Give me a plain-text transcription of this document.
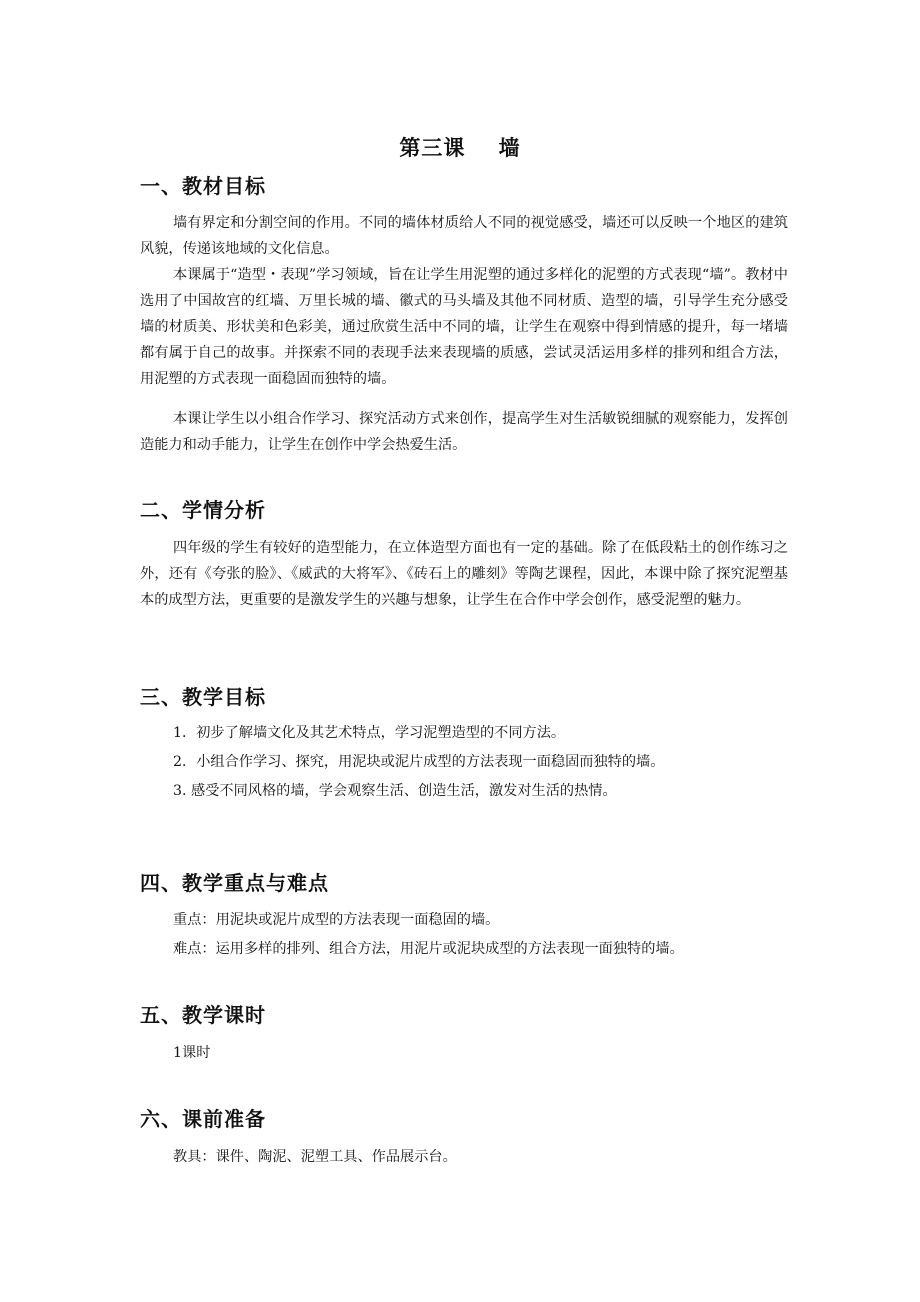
第三课    墙
一、教材目标

墙有界定和分割空间的作用。不同的墙体材质给人不同的视觉感受，墙还可以反映一个地区的建筑风貌，传递该地域的文化信息。

本课属于“造型・表现”学习领域，旨在让学生用泥塑的通过多样化的泥塑的方式表现“墙”。教材中选用了中国故宫的红墙、万里长城的墙、徽式的马头墙及其他不同材质、造型的墙，引导学生充分感受墙的材质美、形状美和色彩美，通过欣赏生活中不同的墙，让学生在观察中得到情感的提升，每一堵墙都有属于自己的故事。并探索不同的表现手法来表现墙的质感，尝试灵活运用多样的排列和组合方法，用泥塑的方式表现一面稳固而独特的墙。

本课让学生以小组合作学习、探究活动方式来创作，提高学生对生活敏锐细腻的观察能力，发挥创造能力和动手能力，让学生在创作中学会热爱生活。

二、学情分析

四年级的学生有较好的造型能力，在立体造型方面也有一定的基础。除了在低段粘土的创作练习之外，还有《夸张的脸》、《威武的大将军》、《砖石上的雕刻》等陶艺课程，因此，本课中除了探究泥塑基本的成型方法，更重要的是激发学生的兴趣与想象，让学生在合作中学会创作，感受泥塑的魅力。

三、教学目标

1．初步了解墙文化及其艺术特点，学习泥塑造型的不同方法。

2．小组合作学习、探究，用泥块或泥片成型的方法表现一面稳固而独特的墙。

3. 感受不同风格的墙，学会观察生活、创造生活，激发对生活的热情。

四、教学重点与难点

重点：用泥块或泥片成型的方法表现一面稳固的墙。

难点：运用多样的排列、组合方法，用泥片或泥块成型的方法表现一面独特的墙。

五、教学课时

1课时

六、课前准备

教具：课件、陶泥、泥塑工具、作品展示台。
